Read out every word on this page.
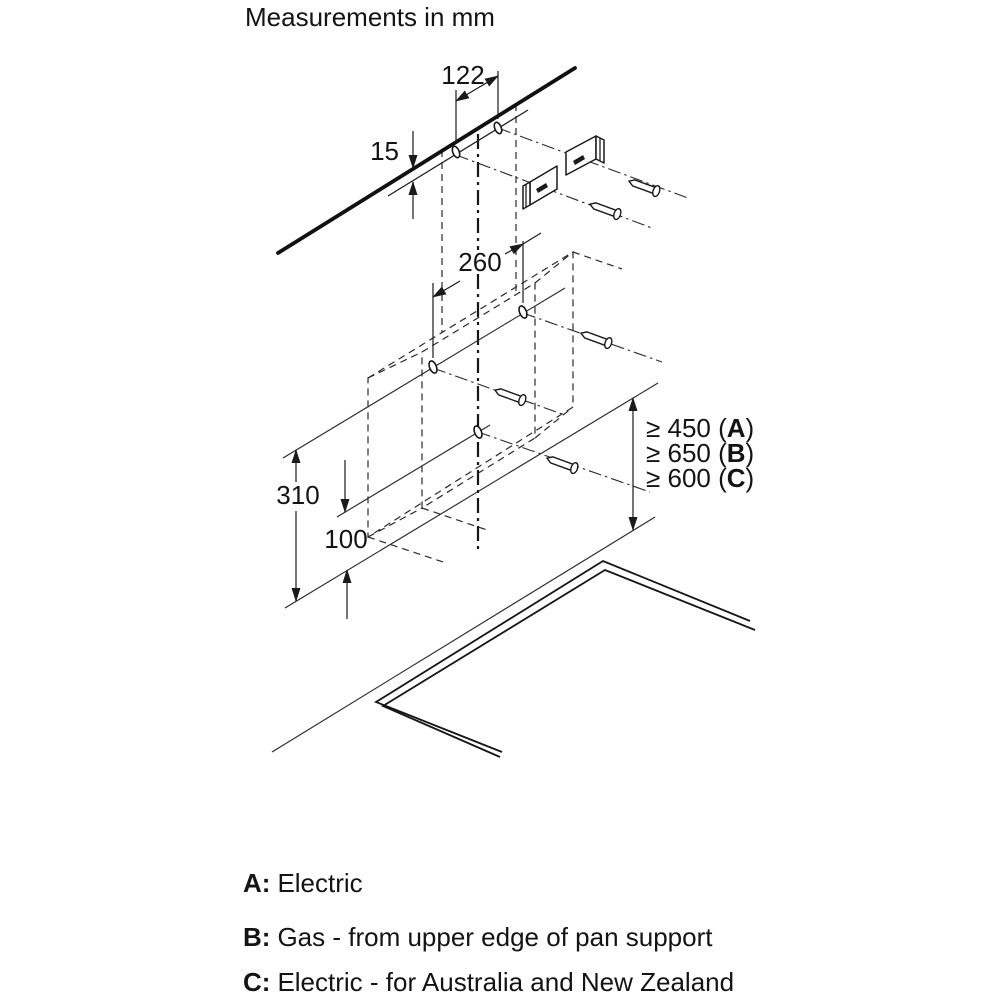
122
15
260
310
100
≥ 450 (A)
≥ 650 (B)
≥ 600 (C)
Measurements in mm
A: Electric
B: Gas - from upper edge of pan support
C: Electric - for Australia and New Zealand
